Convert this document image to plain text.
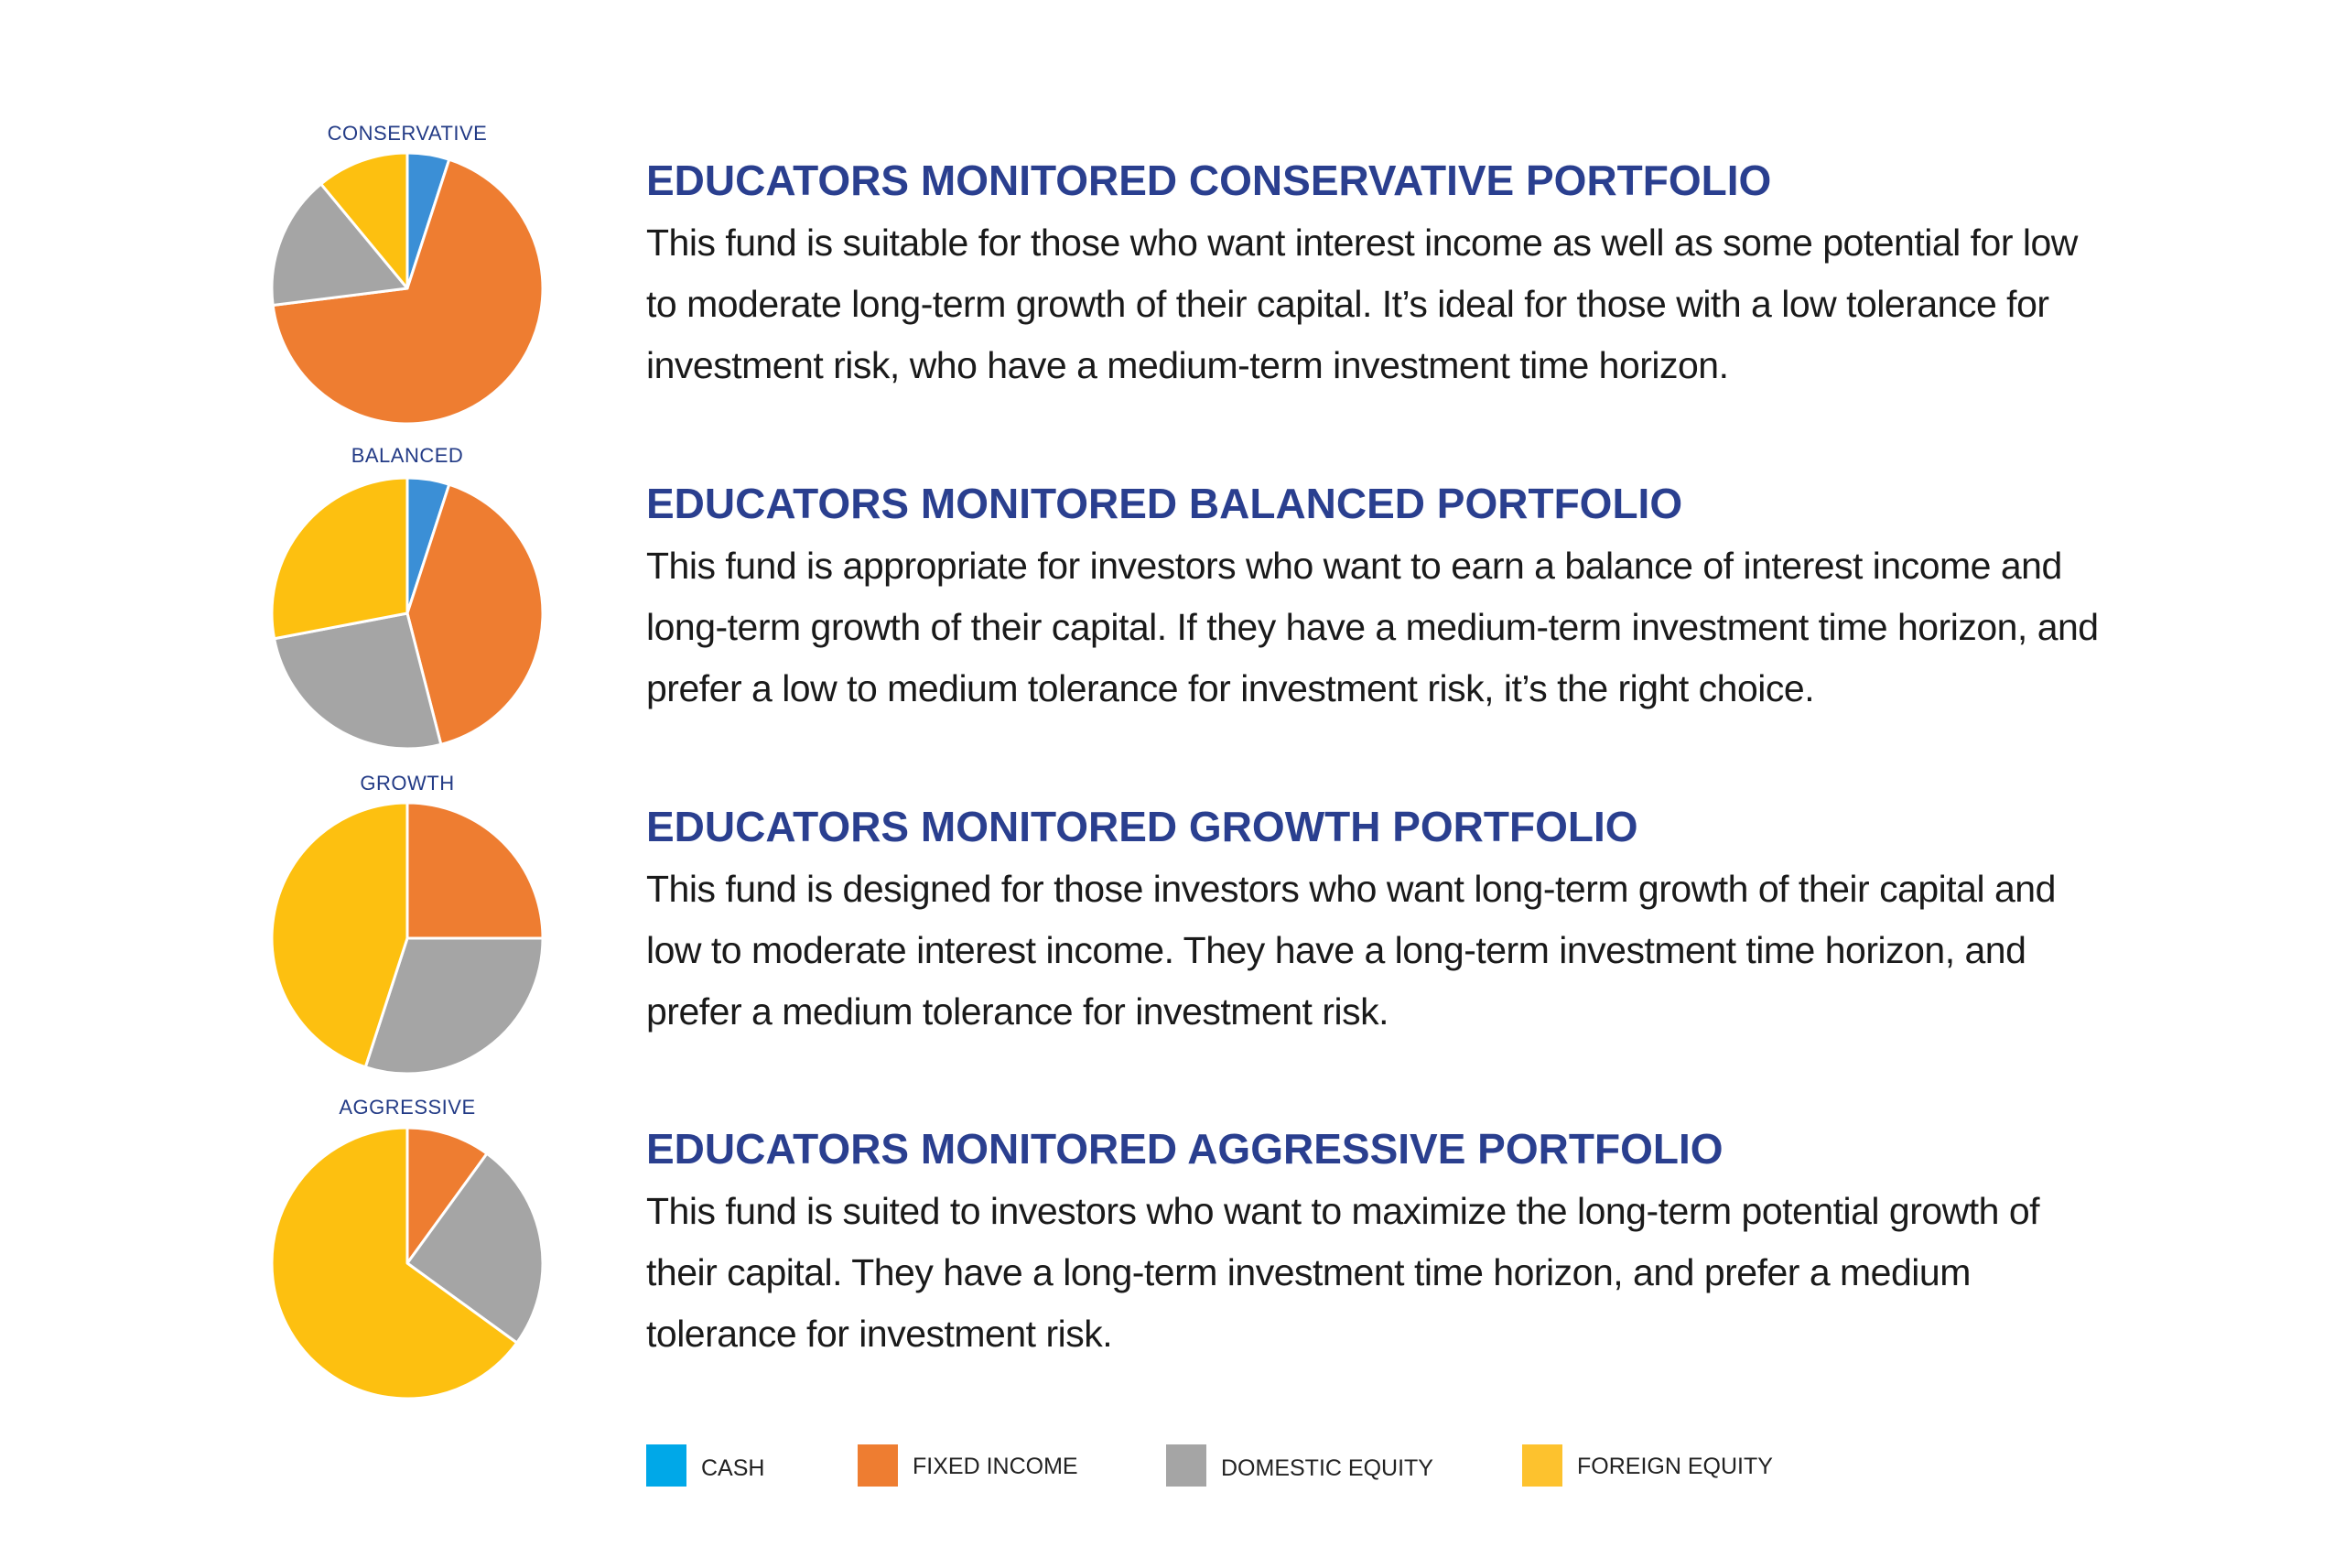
CONSERVATIVE
EDUCATORS MONITORED CONSERVATIVE PORTFOLIO

This fund is suitable for those who want interest income as well as some potential for low to moderate long-term growth of their capital. It’s ideal for those with a low tolerance for investment risk, who have a medium-term investment time horizon.

BALANCED
EDUCATORS MONITORED BALANCED PORTFOLIO

This fund is appropriate for investors who want to earn a balance of interest income and long-term growth of their capital. If they have a medium-term investment time horizon, and prefer a low to medium tolerance for investment risk, it’s the right choice.

GROWTH
EDUCATORS MONITORED GROWTH PORTFOLIO

This fund is designed for those investors who want long-term growth of their capital and low to moderate interest income. They have a long-term investment time horizon, and prefer a medium tolerance for investment risk.

AGGRESSIVE
EDUCATORS MONITORED AGGRESSIVE PORTFOLIO

This fund is suited to investors who want to maximize the long-term potential growth of their capital. They have a long-term investment time horizon, and prefer a medium tolerance for investment risk.

CASH	FIXED INCOME	DOMESTIC EQUITY	FOREIGN EQUITY
